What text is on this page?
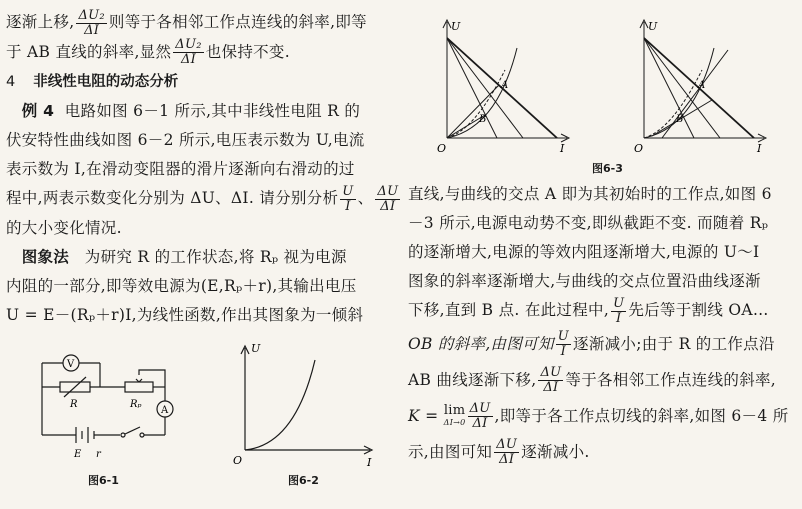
逐渐上移, $\frac{\text{ΔU₂}}{\Delta I}$ 则等于各相邻工作点连线的斜率,即等

于 AB 直线的斜率,显然 $\frac{\text{ΔU₂}}{\Delta I}$ 也保持不变.

4 非线性电阻的动态分析

例 4 电路如图 6－1 所示,其中非线性电阻 R 的
伏安特性曲线如图 6－2 所示,电压表示数为 U,电流
表示数为 I,在滑动变阻器的滑片逐渐向右滑动的过
程中,两表示数变化分别为 ΔU、ΔI. 请分别分析 $\frac{U}{I}$ 、 $\frac{\Delta U}{\Delta I}$

的大小变化情况.

图象法 为研究 R 的工作状态,将 Rₚ 视为电源
内阻的一部分,即等效电源为(E,Rₚ＋r),其输出电压
U = E－(Rₚ＋r)I,为线性函数,作出其图象为一倾斜

V
A
R	Rₚ
E r
图6-1
U
O	I
图6-2
U
O	I
A
B
U
O	I
A
B
图6-3

直线,与曲线的交点 A 即为其初始时的工作点,如图 6
－3 所示,电源电动势不变,即纵截距不变. 而随着 Rₚ
的逐渐增大,电源的等效内阻逐渐增大,电源的 U～I
图象的斜率逐渐增大,与曲线的交点位置沿曲线逐渐
下移,直到 B 点. 在此过程中, $\frac{U}{I}$ 先后等于割线 OA…

OB 的斜率,由图可知 $\frac{U}{I}$ 逐渐减小;由于 R 的工作点沿
AB 曲线逐渐下移, $\frac{\Delta U}{\Delta I}$ 等于各相邻工作点连线的斜率,
K = lim
$\Delta I\to 0 \frac{\Delta U}{\Delta I}$ ,即等于各工作点切线的斜率,如图 6－4 所
示,由图可知 $\frac{\Delta U}{\Delta I}$ 逐渐减小.
